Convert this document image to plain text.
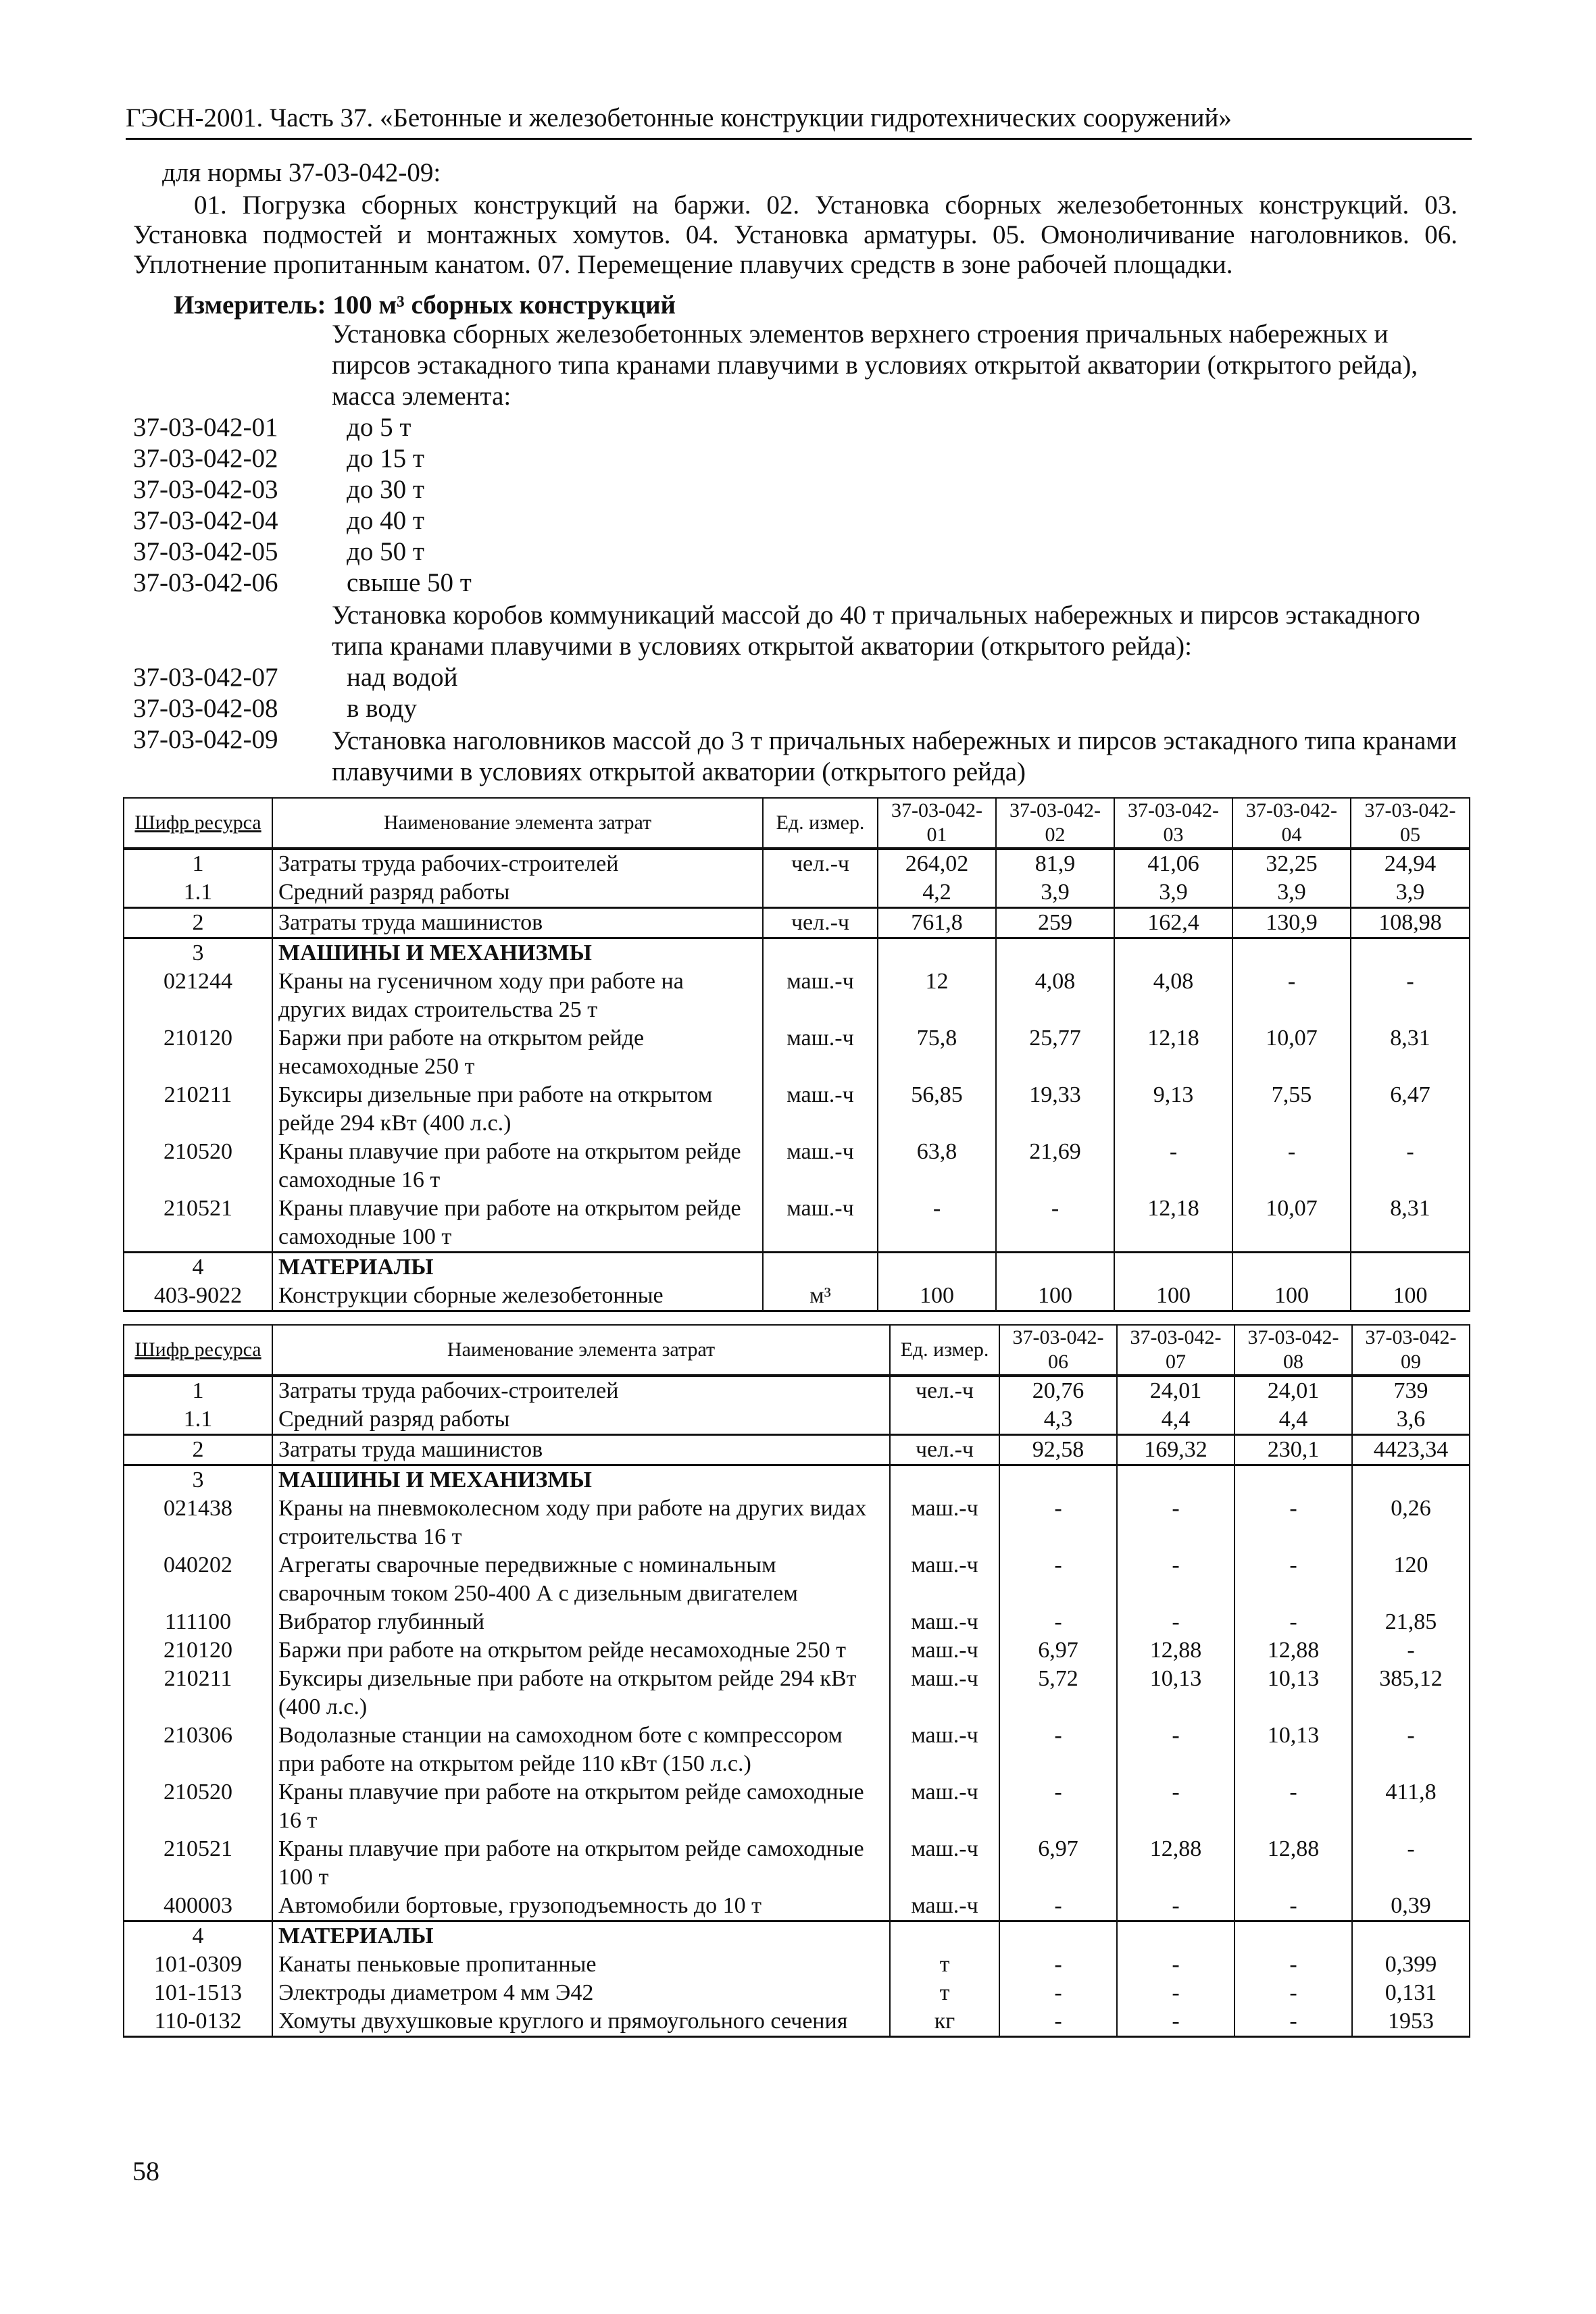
ГЭСН-2001. Часть 37. «Бетонные и железобетонные конструкции гидротехнических сооружений»
для нормы 37-03-042-09:
01. Погрузка сборных конструкций на баржи. 02. Установка сборных железобетонных конструкций. 03. Установка подмостей и монтажных хомутов. 04. Установка арматуры. 05. Омоноличивание наголовников. 06. Уплотнение пропитанным канатом. 07. Перемещение плавучих средств в зоне рабочей площадки.
Измеритель: 100 м³ сборных конструкций
Установка сборных железобетонных элементов верхнего строения причальных набережных и пирсов эстакадного типа кранами плавучими в условиях открытой акватории (открытого рейда), масса элемента:
37-03-042-01	до 5 т
37-03-042-02	до 15 т
37-03-042-03	до 30 т
37-03-042-04	до 40 т
37-03-042-05	до 50 т
37-03-042-06	свыше 50 т
Установка коробов коммуникаций массой до 40 т причальных набережных и пирсов эстакадного типа кранами плавучими в условиях открытой акватории (открытого рейда):
37-03-042-07	над водой
37-03-042-08	в воду
37-03-042-09	Установка наголовников массой до 3 т причальных набережных и пирсов эстакадного типа кранами плавучими в условиях открытой акватории (открытого рейда)
Шифр ресурса	Наименование элемента затрат	Ед. измер.	37-03-042-01	37-03-042-02	37-03-042-03	37-03-042-04	37-03-042-05
1	Затраты труда рабочих-строителей	чел.-ч	264,02	81,9	41,06	32,25	24,94
1.1	Средний разряд работы		4,2	3,9	3,9	3,9	3,9
2	Затраты труда машинистов	чел.-ч	761,8	259	162,4	130,9	108,98
3	МАШИНЫ И МЕХАНИЗМЫ						
021244	Краны на гусеничном ходу при работе на других видах строительства 25 т	маш.-ч	12	4,08	4,08	-	-
210120	Баржи при работе на открытом рейде несамоходные 250 т	маш.-ч	75,8	25,77	12,18	10,07	8,31
210211	Буксиры дизельные при работе на открытом рейде 294 кВт (400 л.с.)	маш.-ч	56,85	19,33	9,13	7,55	6,47
210520	Краны плавучие при работе на открытом рейде самоходные 16 т	маш.-ч	63,8	21,69	-	-	-
210521	Краны плавучие при работе на открытом рейде самоходные 100 т	маш.-ч	-	-	12,18	10,07	8,31
4	МАТЕРИАЛЫ						
403-9022	Конструкции сборные железобетонные	м³	100	100	100	100	100
Шифр ресурса	Наименование элемента затрат	Ед. измер.	37-03-042-06	37-03-042-07	37-03-042-08	37-03-042-09
1	Затраты труда рабочих-строителей	чел.-ч	20,76	24,01	24,01	739
1.1	Средний разряд работы		4,3	4,4	4,4	3,6
2	Затраты труда машинистов	чел.-ч	92,58	169,32	230,1	4423,34
3	МАШИНЫ И МЕХАНИЗМЫ					
021438	Краны на пневмоколесном ходу при работе на других видах строительства 16 т	маш.-ч	-	-	-	0,26
040202	Агрегаты сварочные передвижные с номинальным сварочным током 250-400 А с дизельным двигателем	маш.-ч	-	-	-	120
111100	Вибратор глубинный	маш.-ч	-	-	-	21,85
210120	Баржи при работе на открытом рейде несамоходные 250 т	маш.-ч	6,97	12,88	12,88	-
210211	Буксиры дизельные при работе на открытом рейде 294 кВт (400 л.с.)	маш.-ч	5,72	10,13	10,13	385,12
210306	Водолазные станции на самоходном боте с компрессором при работе на открытом рейде 110 кВт (150 л.с.)	маш.-ч	-	-	10,13	-
210520	Краны плавучие при работе на открытом рейде самоходные 16 т	маш.-ч	-	-	-	411,8
210521	Краны плавучие при работе на открытом рейде самоходные 100 т	маш.-ч	6,97	12,88	12,88	-
400003	Автомобили бортовые, грузоподъемность до 10 т	маш.-ч	-	-	-	0,39
4	МАТЕРИАЛЫ					
101-0309	Канаты пеньковые пропитанные	т	-	-	-	0,399
101-1513	Электроды диаметром 4 мм Э42	т	-	-	-	0,131
110-0132	Хомуты двухушковые круглого и прямоугольного сечения	кг	-	-	-	1953
58
